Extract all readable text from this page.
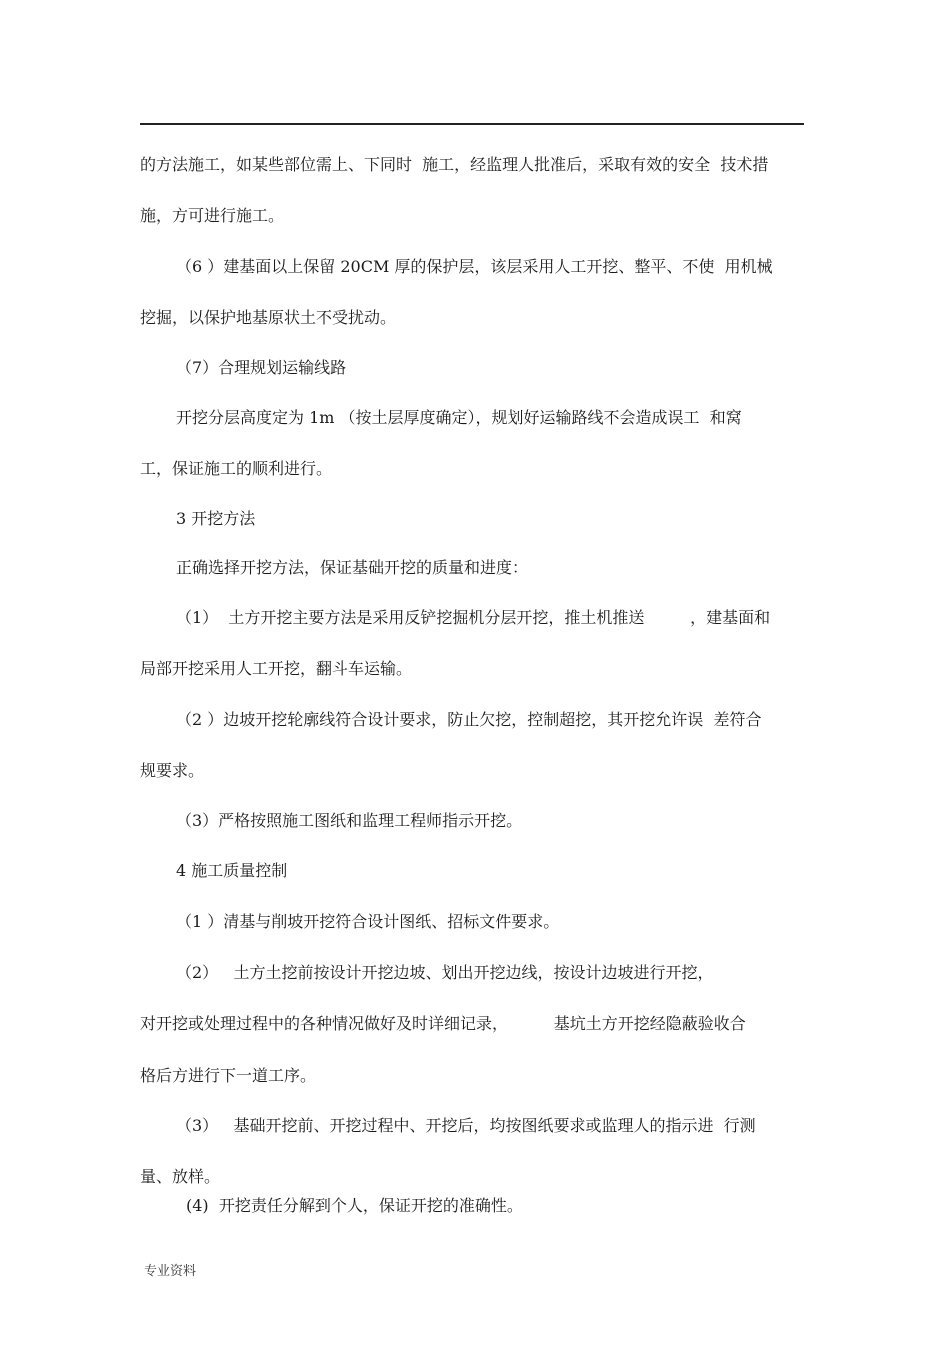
的方法施工，如某些部位需上、下同时  施工，经监理人批准后，采取有效的安全  技术措
施，方可进行施工。
（6 ）建基面以上保留 20CM 厚的保护层，该层采用人工开挖、整平、不使  用机械
挖掘，以保护地基原状土不受扰动。
（7）合理规划运输线路
开挖分层高度定为 1m （按土层厚度确定），规划好运输路线不会造成误工  和窝
工，保证施工的顺利进行。
3 开挖方法
正确选择开挖方法，保证基础开挖的质量和进度：
（1）  土方开挖主要方法是采用反铲挖掘机分层开挖，推土机推送         ，建基面和
局部开挖采用人工开挖，翻斗车运输。
（2 ）边坡开挖轮廓线符合设计要求，防止欠挖，控制超挖，其开挖允许误  差符合
规要求。
（3）严格按照施工图纸和监理工程师指示开挖。
4 施工质量控制
（1 ）清基与削坡开挖符合设计图纸、招标文件要求。
（2）   土方土挖前按设计开挖边坡、划出开挖边线，按设计边坡进行开挖，
对开挖或处理过程中的各种情况做好及时详细记录，         基坑土方开挖经隐蔽验收合
格后方进行下一道工序。
（3）   基础开挖前、开挖过程中、开挖后，均按图纸要求或监理人的指示进  行测
量、放样。
(4)  开挖责任分解到个人，保证开挖的准确性。
专业资料
